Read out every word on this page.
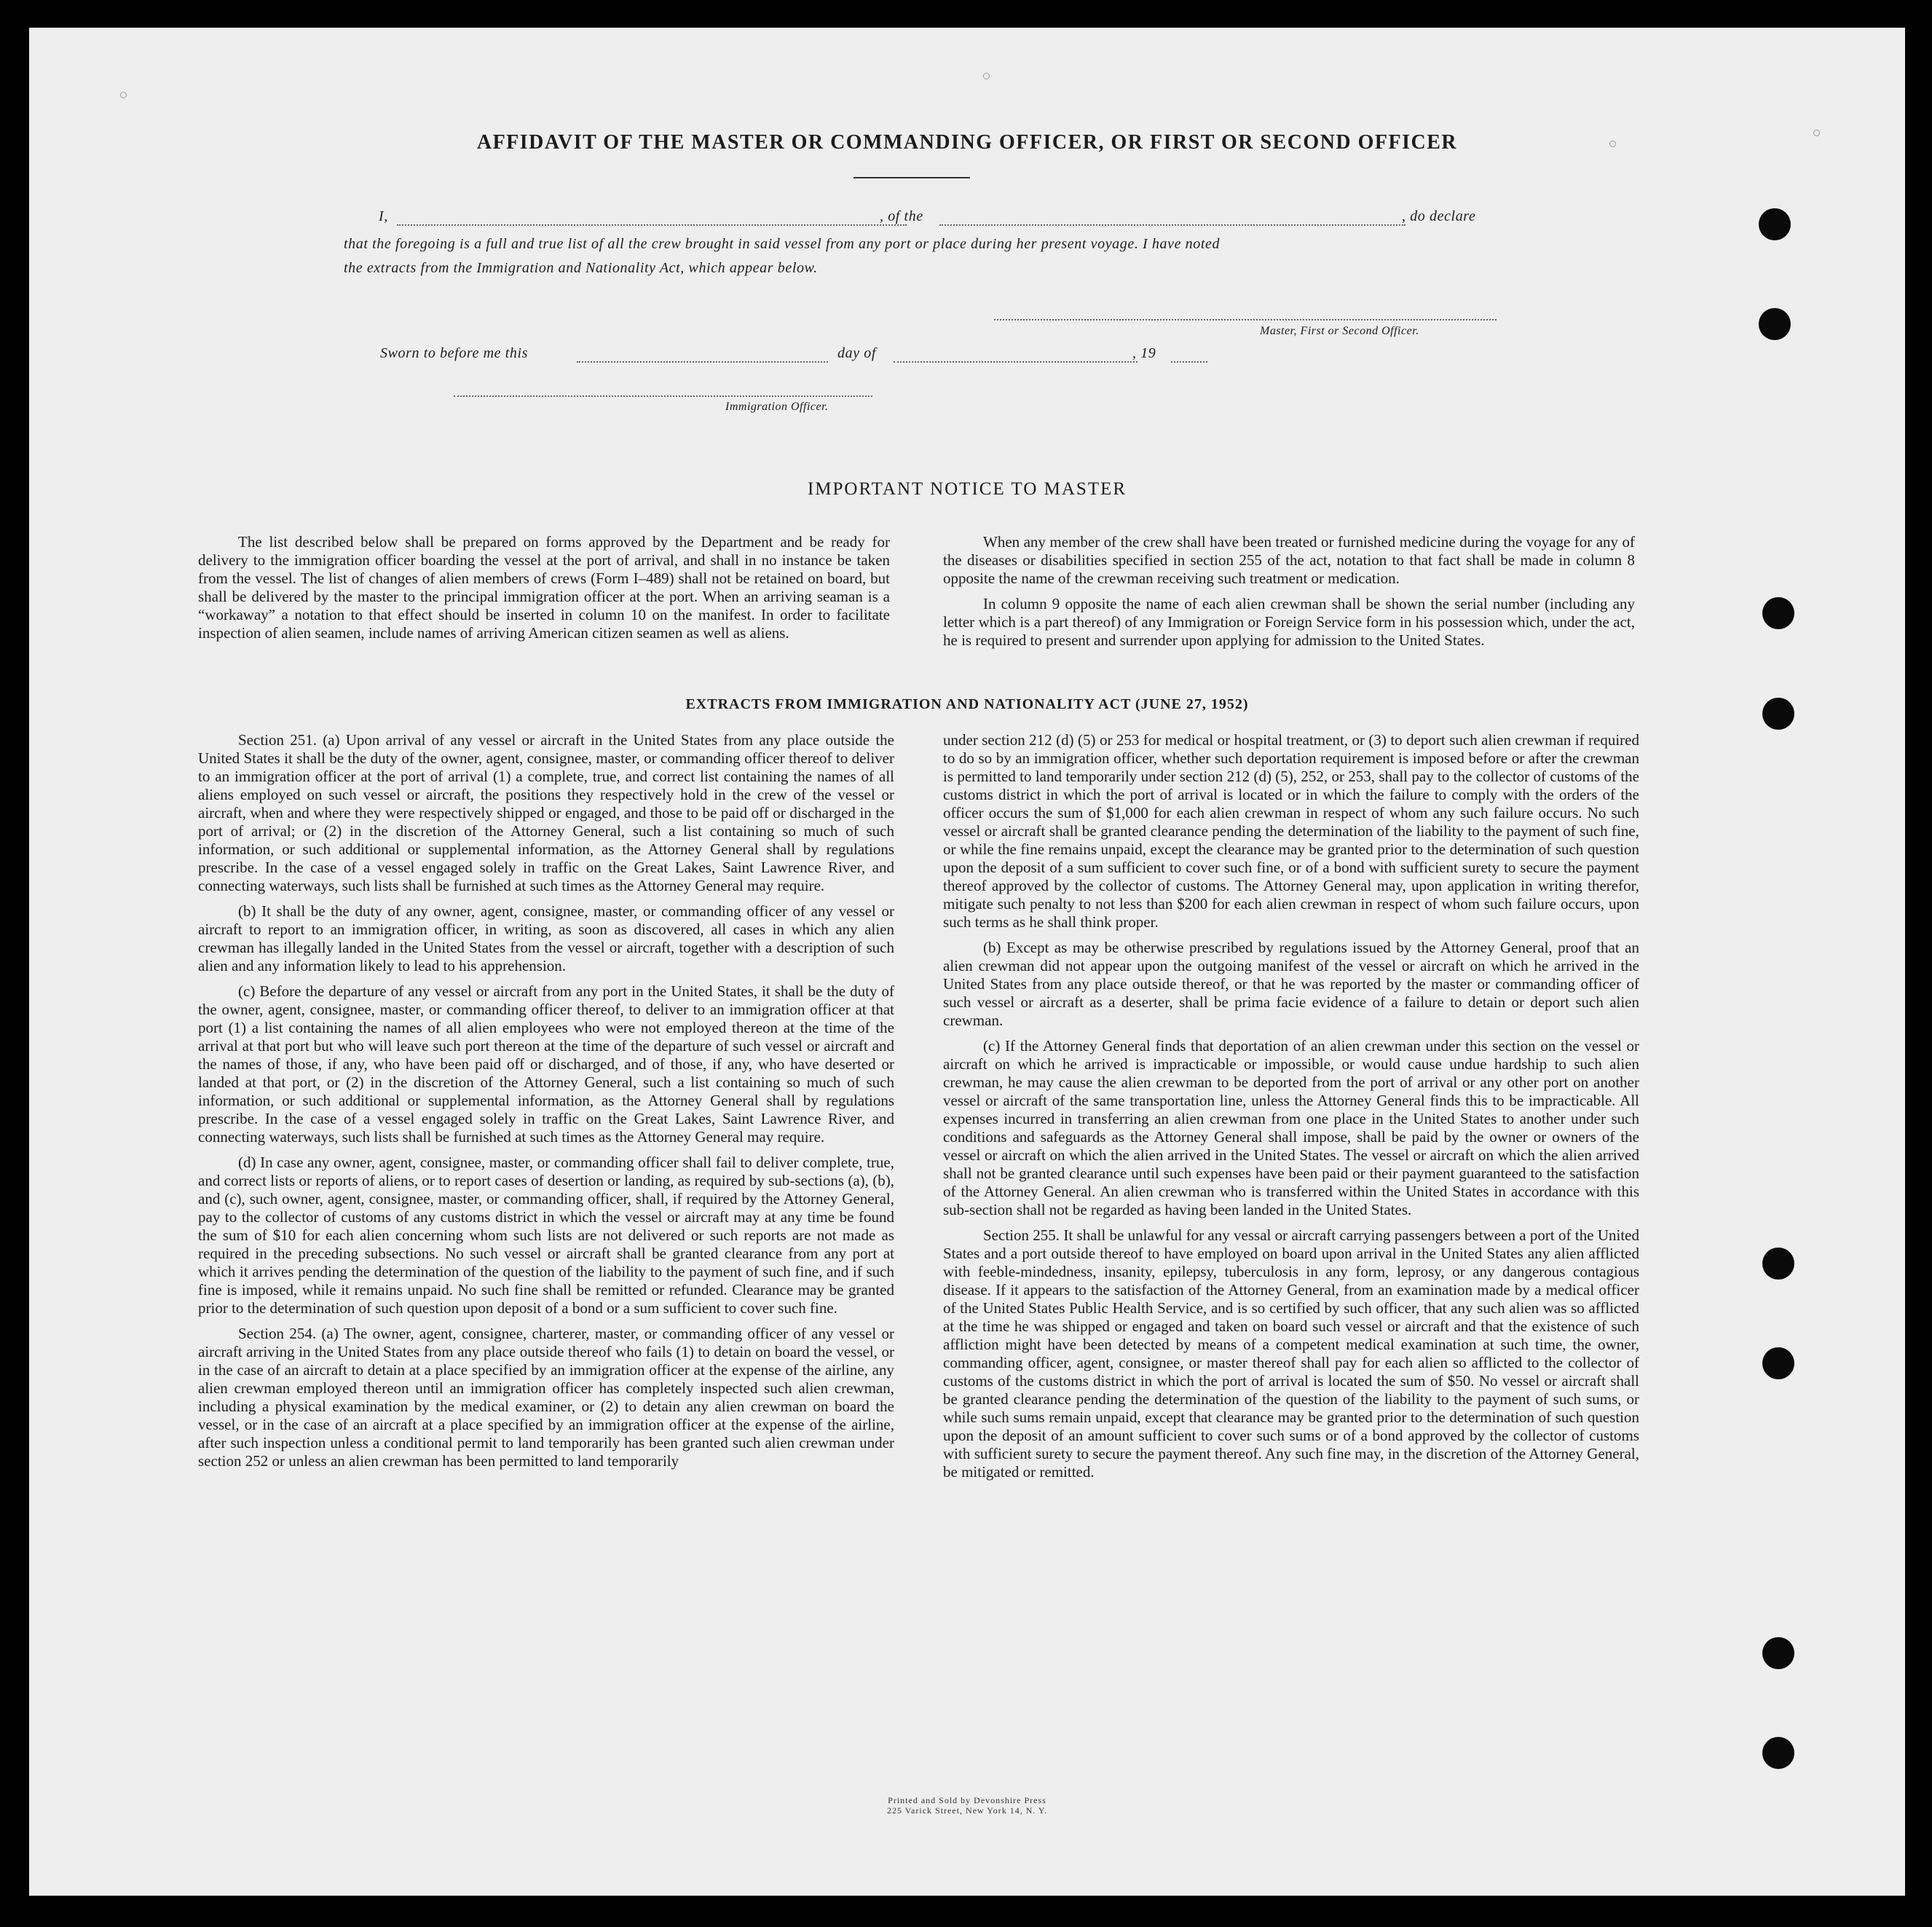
AFFIDAVIT OF THE MASTER OR COMMANDING OFFICER, OR FIRST OR SECOND OFFICER
I,	, of the	, do declare
that the foregoing is a full and true list of all the crew brought in said vessel from any port or place during her present voyage. I have noted
the extracts from the Immigration and Nationality Act, which appear below.
Master, First or Second Officer.
Sworn to before me this	day of	, 19
Immigration Officer.
IMPORTANT NOTICE TO MASTER

The list described below shall be prepared on forms approved by the Department and be ready for delivery to the immigration officer boarding the vessel at the port of arrival, and shall in no instance be taken from the vessel. The list of changes of alien members of crews (Form I–489) shall not be retained on board, but shall be delivered by the master to the principal immigration officer at the port. When an arriving seaman is a “workaway” a notation to that effect should be inserted in column 10 on the manifest. In order to facilitate inspection of alien seamen, include names of arriving American citizen seamen as well as aliens.

When any member of the crew shall have been treated or furnished medicine during the voyage for any of the diseases or disabilities specified in section 255 of the act, notation to that fact shall be made in column 8 opposite the name of the crewman receiving such treatment or medication.

In column 9 opposite the name of each alien crewman shall be shown the serial number (including any letter which is a part thereof) of any Immigration or Foreign Service form in his possession which, under the act, he is required to present and surrender upon applying for admission to the United States.

EXTRACTS FROM IMMIGRATION AND NATIONALITY ACT (JUNE 27, 1952)

Section 251. (a) Upon arrival of any vessel or aircraft in the United States from any place outside the United States it shall be the duty of the owner, agent, consignee, master, or commanding officer thereof to deliver to an immigration officer at the port of arrival (1) a complete, true, and correct list containing the names of all aliens employed on such vessel or aircraft, the positions they respectively hold in the crew of the vessel or aircraft, when and where they were respectively shipped or engaged, and those to be paid off or discharged in the port of arrival; or (2) in the discretion of the Attorney General, such a list containing so much of such information, or such additional or supplemental information, as the Attorney General shall by regulations prescribe. In the case of a vessel engaged solely in traffic on the Great Lakes, Saint Lawrence River, and connecting waterways, such lists shall be furnished at such times as the Attorney General may require.

(b) It shall be the duty of any owner, agent, consignee, master, or commanding officer of any vessel or aircraft to report to an immigration officer, in writing, as soon as discovered, all cases in which any alien crewman has illegally landed in the United States from the vessel or aircraft, together with a description of such alien and any information likely to lead to his apprehension.

(c) Before the departure of any vessel or aircraft from any port in the United States, it shall be the duty of the owner, agent, consignee, master, or commanding officer thereof, to deliver to an immigration officer at that port (1) a list containing the names of all alien employees who were not employed thereon at the time of the arrival at that port but who will leave such port thereon at the time of the departure of such vessel or aircraft and the names of those, if any, who have been paid off or discharged, and of those, if any, who have deserted or landed at that port, or (2) in the discretion of the Attorney General, such a list containing so much of such information, or such additional or supplemental information, as the Attorney General shall by regulations prescribe. In the case of a vessel engaged solely in traffic on the Great Lakes, Saint Lawrence River, and connecting waterways, such lists shall be furnished at such times as the Attorney General may require.

(d) In case any owner, agent, consignee, master, or commanding officer shall fail to deliver complete, true, and correct lists or reports of aliens, or to report cases of desertion or landing, as required by sub-sections (a), (b), and (c), such owner, agent, consignee, master, or commanding officer, shall, if required by the Attorney General, pay to the collector of customs of any customs district in which the vessel or aircraft may at any time be found the sum of $10 for each alien concerning whom such lists are not delivered or such reports are not made as required in the preceding subsections. No such vessel or aircraft shall be granted clearance from any port at which it arrives pending the determination of the question of the liability to the payment of such fine, and if such fine is imposed, while it remains unpaid. No such fine shall be remitted or refunded. Clearance may be granted prior to the determination of such question upon deposit of a bond or a sum sufficient to cover such fine.

Section 254. (a) The owner, agent, consignee, charterer, master, or commanding officer of any vessel or aircraft arriving in the United States from any place outside thereof who fails (1) to detain on board the vessel, or in the case of an aircraft to detain at a place specified by an immigration officer at the expense of the airline, any alien crewman employed thereon until an immigration officer has completely inspected such alien crewman, including a physical examination by the medical examiner, or (2) to detain any alien crewman on board the vessel, or in the case of an aircraft at a place specified by an immigration officer at the expense of the airline, after such inspection unless a conditional permit to land temporarily has been granted such alien crewman under section 252 or unless an alien crewman has been permitted to land temporarily

under section 212 (d) (5) or 253 for medical or hospital treatment, or (3) to deport such alien crewman if required to do so by an immigration officer, whether such deportation requirement is imposed before or after the crewman is permitted to land temporarily under section 212 (d) (5), 252, or 253, shall pay to the collector of customs of the customs district in which the port of arrival is located or in which the failure to comply with the orders of the officer occurs the sum of $1,000 for each alien crewman in respect of whom any such failure occurs. No such vessel or aircraft shall be granted clearance pending the determination of the liability to the payment of such fine, or while the fine remains unpaid, except the clearance may be granted prior to the determination of such question upon the deposit of a sum sufficient to cover such fine, or of a bond with sufficient surety to secure the payment thereof approved by the collector of customs. The Attorney General may, upon application in writing therefor, mitigate such penalty to not less than $200 for each alien crewman in respect of whom such failure occurs, upon such terms as he shall think proper.

(b) Except as may be otherwise prescribed by regulations issued by the Attorney General, proof that an alien crewman did not appear upon the outgoing manifest of the vessel or aircraft on which he arrived in the United States from any place outside thereof, or that he was reported by the master or commanding officer of such vessel or aircraft as a deserter, shall be prima facie evidence of a failure to detain or deport such alien crewman.

(c) If the Attorney General finds that deportation of an alien crewman under this section on the vessel or aircraft on which he arrived is impracticable or impossible, or would cause undue hardship to such alien crewman, he may cause the alien crewman to be deported from the port of arrival or any other port on another vessel or aircraft of the same transportation line, unless the Attorney General finds this to be impracticable. All expenses incurred in transferring an alien crewman from one place in the United States to another under such conditions and safeguards as the Attorney General shall impose, shall be paid by the owner or owners of the vessel or aircraft on which the alien arrived in the United States. The vessel or aircraft on which the alien arrived shall not be granted clearance until such expenses have been paid or their payment guaranteed to the satisfaction of the Attorney General. An alien crewman who is transferred within the United States in accordance with this sub-section shall not be regarded as having been landed in the United States.

Section 255. It shall be unlawful for any vessal or aircraft carrying passengers between a port of the United States and a port outside thereof to have employed on board upon arrival in the United States any alien afflicted with feeble-mindedness, insanity, epilepsy, tuberculosis in any form, leprosy, or any dangerous contagious disease. If it appears to the satisfaction of the Attorney General, from an examination made by a medical officer of the United States Public Health Service, and is so certified by such officer, that any such alien was so afflicted at the time he was shipped or engaged and taken on board such vessel or aircraft and that the existence of such affliction might have been detected by means of a competent medical examination at such time, the owner, commanding officer, agent, consignee, or master thereof shall pay for each alien so afflicted to the collector of customs of the customs district in which the port of arrival is located the sum of $50. No vessel or aircraft shall be granted clearance pending the determination of the question of the liability to the payment of such sums, or while such sums remain unpaid, except that clearance may be granted prior to the determination of such question upon the deposit of an amount sufficient to cover such sums or of a bond approved by the collector of customs with sufficient surety to secure the payment thereof. Any such fine may, in the discretion of the Attorney General, be mitigated or remitted.

Printed and Sold by Devonshire Press
225 Varick Street, New York 14, N. Y.
